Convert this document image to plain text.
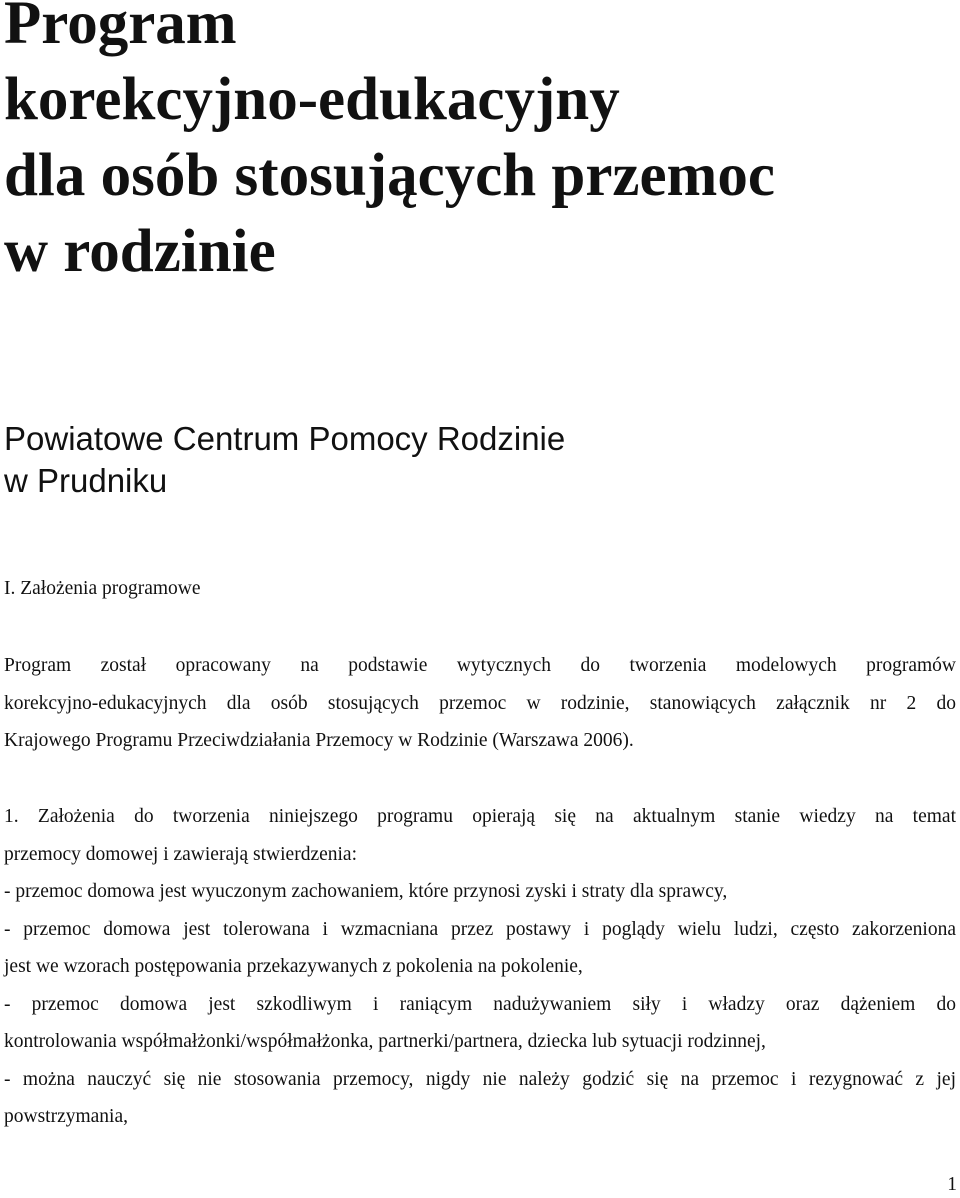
Program
korekcyjno-edukacyjny
dla osób stosujących przemoc
w rodzinie
Powiatowe Centrum Pomocy Rodzinie
w Prudniku
I. Założenia programowe

Program został opracowany na podstawie wytycznych do tworzenia modelowych programów
korekcyjno-edukacyjnych dla osób stosujących przemoc w rodzinie, stanowiących załącznik nr 2 do
Krajowego Programu Przeciwdziałania Przemocy w Rodzinie (Warszawa 2006).

1. Założenia do tworzenia niniejszego programu opierają się na aktualnym stanie wiedzy na temat
przemocy domowej i zawierają stwierdzenia:
- przemoc domowa jest wyuczonym zachowaniem, które przynosi zyski i straty dla sprawcy,
- przemoc domowa jest tolerowana i wzmacniana przez postawy i poglądy wielu ludzi, często zakorzeniona
jest we wzorach postępowania przekazywanych z pokolenia na pokolenie,
- przemoc domowa jest szkodliwym i raniącym nadużywaniem siły i władzy oraz dążeniem do
kontrolowania współmałżonki/współmałżonka, partnerki/partnera, dziecka lub sytuacji rodzinnej,
- można nauczyć się nie stosowania przemocy, nigdy nie należy godzić się na przemoc i rezygnować z jej
powstrzymania,

1
